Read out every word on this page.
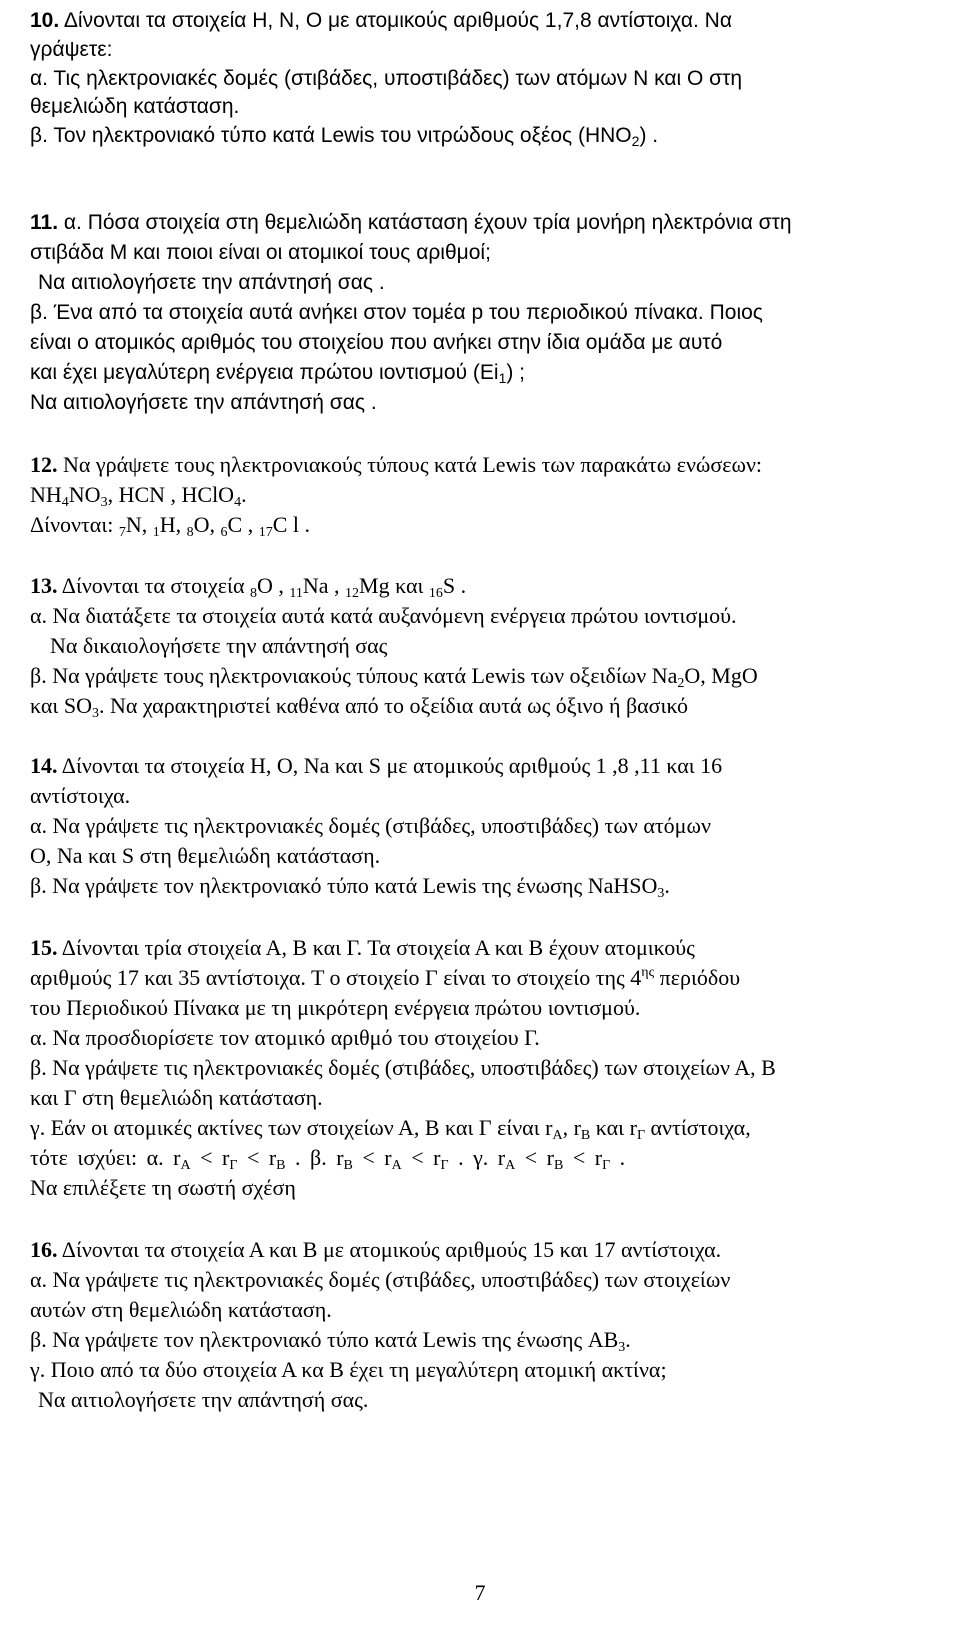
10. Δίνονται τα στοιχεία Η, Ν, Ο με ατομικούς αριθμούς 1,7,8 αντίστοιχα. Να
γράψετε:
α. Τις ηλεκτρονιακές δομές (στιβάδες, υποστιβάδες) των ατόμων Ν και Ο στη
θεμελιώδη κατάσταση.
β. Τον ηλεκτρονιακό τύπο κατά Lewis του νιτρώδους οξέος $(HNO_2)$ .
11. α. Πόσα στοιχεία στη θεμελιώδη κατάσταση έχουν τρία μονήρη ηλεκτρόνια στη
στιβάδα Μ και ποιοι είναι οι ατομικοί τους αριθμοί;
Να αιτιολογήσετε την απάντησή σας .
β. Ένα από τα στοιχεία αυτά ανήκει στον τομέα p του περιοδικού πίνακα. Ποιος
είναι ο ατομικός αριθμός του στοιχείου που ανήκει στην ίδια ομάδα με αυτό
και έχει μεγαλύτερη ενέργεια πρώτου ιοντισμού $(Ei_1)$ ;
Να αιτιολογήσετε την απάντησή σας .
12. Να γράψετε τους ηλεκτρονιακούς τύπους κατά Lewis των παρακάτω ενώσεων:
$NH_4NO_3$, HCN , HClO$_4$.
Δίνονται: $_7$N, $_1$H, $_8$O, $_6$C , $_{17}$C l .
13. Δίνονται τα στοιχεία $_8$O , $_{11}$Na , $_{12}$Mg και $_{16}$S .
α. Να διατάξετε τα στοιχεία αυτά κατά αυξανόμενη ενέργεια πρώτου ιοντισμού.
Να δικαιολογήσετε την απάντησή σας
β. Να γράψετε τους ηλεκτρονιακούς τύπους κατά Lewis των οξειδίων $Na_2O$, MgO
και $SO_3$. Να χαρακτηριστεί καθένα από το οξείδια αυτά ως όξινο ή βασικό
14. Δίνονται τα στοιχεία Η, Ο, Na και S με ατομικούς αριθμούς 1 ,8 ,11 και 16
αντίστοιχα.
α. Να γράψετε τις ηλεκτρονιακές δομές (στιβάδες, υποστιβάδες) των ατόμων
Ο, Na και S στη θεμελιώδη κατάσταση.
β. Να γράψετε τον ηλεκτρονιακό τύπο κατά Lewis της ένωσης NaHSO$_3$.
15. Δίνονται τρία στοιχεία Α, Β και Γ. Τα στοιχεία Α και Β έχουν ατομικούς
αριθμούς 17 και 35 αντίστοιχα. Τ ο στοιχείο Γ είναι το στοιχείο της $4^{\eta\varsigma}$ περιόδου
του Περιοδικού Πίνακα με τη μικρότερη ενέργεια πρώτου ιοντισμού.
α. Να προσδιορίσετε τον ατομικό αριθμό του στοιχείου Γ.
β. Να γράψετε τις ηλεκτρονιακές δομές (στιβάδες, υποστιβάδες) των στοιχείων Α, Β
και Γ στη θεμελιώδη κατάσταση.
γ. Εάν οι ατομικές ακτίνες των στοιχείων Α, Β και Γ είναι $r_A$, $r_B$ και $r_\Gamma$ αντίστοιχα,
τότε ισχύει: α. $r_A < r_\Gamma < r_B$ . β. $r_B < r_A < r_\Gamma$ . γ. $r_A < r_B < r_\Gamma$ .
Να επιλέξετε τη σωστή σχέση
16. Δίνονται τα στοιχεία Α και Β με ατομικούς αριθμούς 15 και 17 αντίστοιχα.
α. Να γράψετε τις ηλεκτρονιακές δομές (στιβάδες, υποστιβάδες) των στοιχείων
αυτών στη θεμελιώδη κατάσταση.
β. Να γράψετε τον ηλεκτρονιακό τύπο κατά Lewis της ένωσης $AB_3$.
γ. Ποιο από τα δύο στοιχεία Α κα Β έχει τη μεγαλύτερη ατομική ακτίνα;
Να αιτιολογήσετε την απάντησή σας.
7
